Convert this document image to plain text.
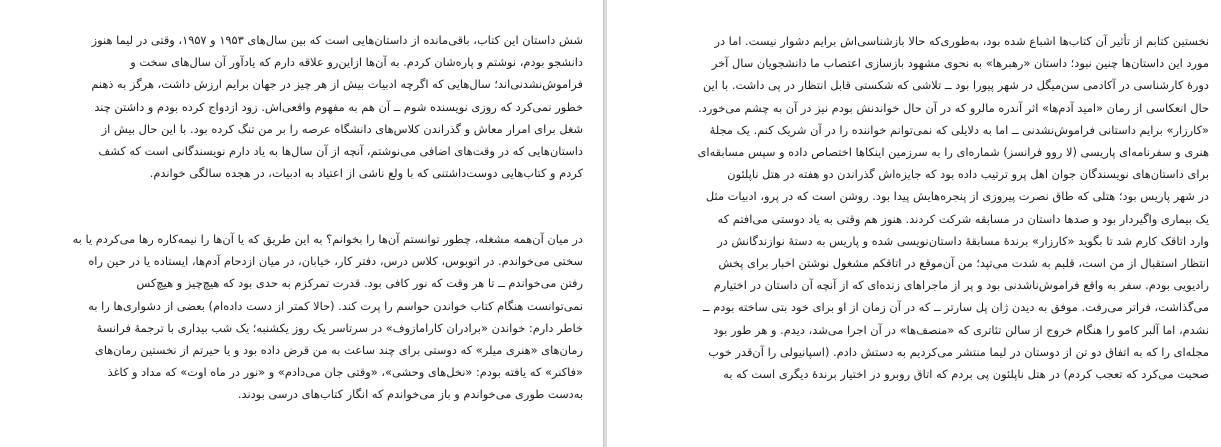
شش داستان این کتاب، باقی‌مانده از داستان‌هایی است که بین سال‌های ۱۹۵۳ و ۱۹۵۷، وقتی در لیما هنوز
دانشجو بودم، نوشتم و پاره‌شان کردم. به آن‌ها ازاین‌رو علاقه دارم که یادآور آن سال‌های سخت و
فراموش‌نشدنی‌اند؛ سال‌هایی که اگرچه ادبیات بیش از هر چیز در جهان برایم ارزش داشت، هرگز به ذهنم
خطور نمی‌کرد که روزی نویسنده شوم ــ آن هم به مفهوم واقعی‌اش. زود ازدواج کرده بودم و داشتن چند
شغل برای امرار معاش و گذراندن کلاس‌های دانشگاه عرصه را بر من تنگ کرده بود. با این حال بیش از
داستان‌هایی که در وقت‌های اضافی می‌نوشتم، آنچه از آن سال‌ها به یاد دارم نویسندگانی است که کشف
کردم و کتاب‌هایی دوست‌داشتنی که با ولع ناشی از اعتیاد به ادبیات، در هجده سالگی خواندم.

در میان آن‌همه مشغله، چطور توانستم آن‌ها را بخوانم؟ به این طریق که یا آن‌ها را نیمه‌کاره رها می‌کردم یا به
سختی می‌خواندم. در اتوبوس، کلاس درس، دفتر کار، خیابان، در میان ازدحام آدم‌ها، ایستاده یا در حین راه
رفتن می‌خواندم ــ تا هر وقت که نور کافی بود. قدرت تمرکزم به حدی بود که هیچ‌چیز و هیچ‌کس
نمی‌توانست هنگام کتاب خواندن حواسم را پرت کند. (حالا کمتر از دست داده‌ام) بعضی از دشواری‌ها را به
خاطر دارم: خواندن «برادران کارامازوف» در سرتاسر یک روز یکشنبه؛ یک شب بیداری با ترجمهٔ فرانسهٔ
رمان‌های «هنری میلر» که دوستی برای چند ساعت به من قرض داده بود و یا حیرتم از نخستین رمان‌های
«فاکنر» که یافته بودم: «نخل‌های وحشی»، «وقتی جان می‌دادم» و «نور در ماه اوت» که مداد و کاغذ
به‌دست طوری می‌خواندم و باز می‌خواندم که انگار کتاب‌های درسی بودند.

نخستین کتابم از تأثیر آن کتاب‌ها اشباع شده بود، به‌طوری‌که حالا بازشناسی‌اش برایم دشوار نیست. اما در
مورد این داستان‌ها چنین نبود؛ داستان «رهبرها» به نحوی مشهود بازسازی اعتصاب ما دانشجویان سال آخر
دورهٔ کارشناسی در آکادمی سن‌میگل در شهر پیورا بود ــ تلاشی که شکستی قابل انتظار در پی داشت. با این
حال انعکاسی از رمان «امید آدم‌ها» اثر آندره مالرو که در آن حال خواندنش بودم نیز در آن به چشم می‌خورد.
«کارزار» برایم داستانی فراموش‌نشدنی ــ اما به دلایلی که نمی‌توانم خواننده را در آن شریک کنم. یک مجلهٔ
هنری و سفرنامه‌ای پاریسی (لا روو فرانسز) شماره‌ای را به سرزمین اینکاها اختصاص داده و سپس مسابقه‌ای
برای داستان‌های نویسندگان جوان اهل پرو ترتیب داده بود که جایزه‌اش گذراندن دو هفته در هتل ناپلئون
در شهر پاریس بود؛ هتلی که طاق نصرت پیروزی از پنجره‌هایش پیدا بود. روشن است که در پرو، ادبیات مثل
یک بیماری واگیردار بود و صدها داستان در مسابقه شرکت کردند. هنوز هم وقتی به یاد دوستی می‌افتم که
وارد اتاقک کارم شد تا بگوید «کارزار» برندهٔ مسابقهٔ داستان‌نویسی شده و پاریس به دستهٔ نوازندگانش در
انتظار استقبال از من است، قلبم به شدت می‌تپد؛ من آن‌موقع در اتاقکم مشغول نوشتن اخبار برای پخش
رادیویی بودم. سفر به واقع فراموش‌ناشدنی بود و پر از ماجراهای زنده‌ای که از آنچه آن داستان در اختیارم
می‌گذاشت، فراتر می‌رفت. موفق به دیدن ژان پل سارتر ــ که در آن زمان از او برای خود بتی ساخته بودم ــ
نشدم، اما آلبر کامو را هنگام خروج از سالن تئاتری که «منصف‌ها» در آن اجرا می‌شد، دیدم. و هر طور بود
مجله‌ای را که به اتفاق دو تن از دوستان در لیما منتشر می‌کردیم به دستش دادم. (اسپانیولی را آن‌قدر خوب
صحبت می‌کرد که تعجب کردم) در هتل ناپلئون پی بردم که اتاق روبرو در اختیار برندهٔ دیگری است که به
